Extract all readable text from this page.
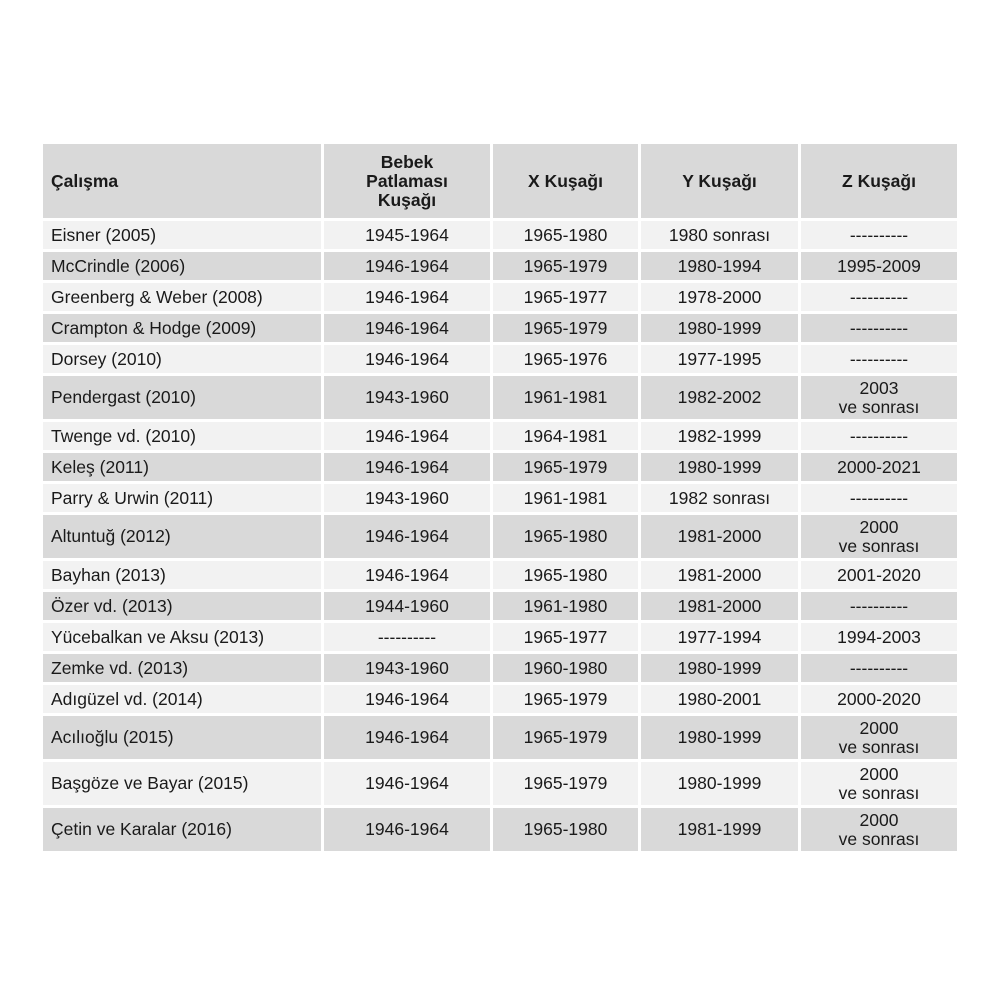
Çalışma	Bebek
Patlaması
Kuşağı	X Kuşağı	Y Kuşağı	Z Kuşağı
Eisner (2005)	1945-1964	1965-1980	1980 sonrası	----------
McCrindle (2006)	1946-1964	1965-1979	1980-1994	1995-2009
Greenberg & Weber (2008)	1946-1964	1965-1977	1978-2000	----------
Crampton & Hodge (2009)	1946-1964	1965-1979	1980-1999	----------
Dorsey (2010)	1946-1964	1965-1976	1977-1995	----------
Pendergast (2010)	1943-1960	1961-1981	1982-2002	2003
ve sonrası
Twenge vd. (2010)	1946-1964	1964-1981	1982-1999	----------
Keleş (2011)	1946-1964	1965-1979	1980-1999	2000-2021
Parry & Urwin (2011)	1943-1960	1961-1981	1982 sonrası	----------
Altuntuğ (2012)	1946-1964	1965-1980	1981-2000	2000
ve sonrası
Bayhan (2013)	1946-1964	1965-1980	1981-2000	2001-2020
Özer vd. (2013)	1944-1960	1961-1980	1981-2000	----------
Yücebalkan ve Aksu (2013)	----------	1965-1977	1977-1994	1994-2003
Zemke vd. (2013)	1943-1960	1960-1980	1980-1999	----------
Adıgüzel vd. (2014)	1946-1964	1965-1979	1980-2001	2000-2020
Acılıoğlu (2015)	1946-1964	1965-1979	1980-1999	2000
ve sonrası
Başgöze ve Bayar (2015)	1946-1964	1965-1979	1980-1999	2000
ve sonrası
Çetin ve Karalar (2016)	1946-1964	1965-1980	1981-1999	2000
ve sonrası
